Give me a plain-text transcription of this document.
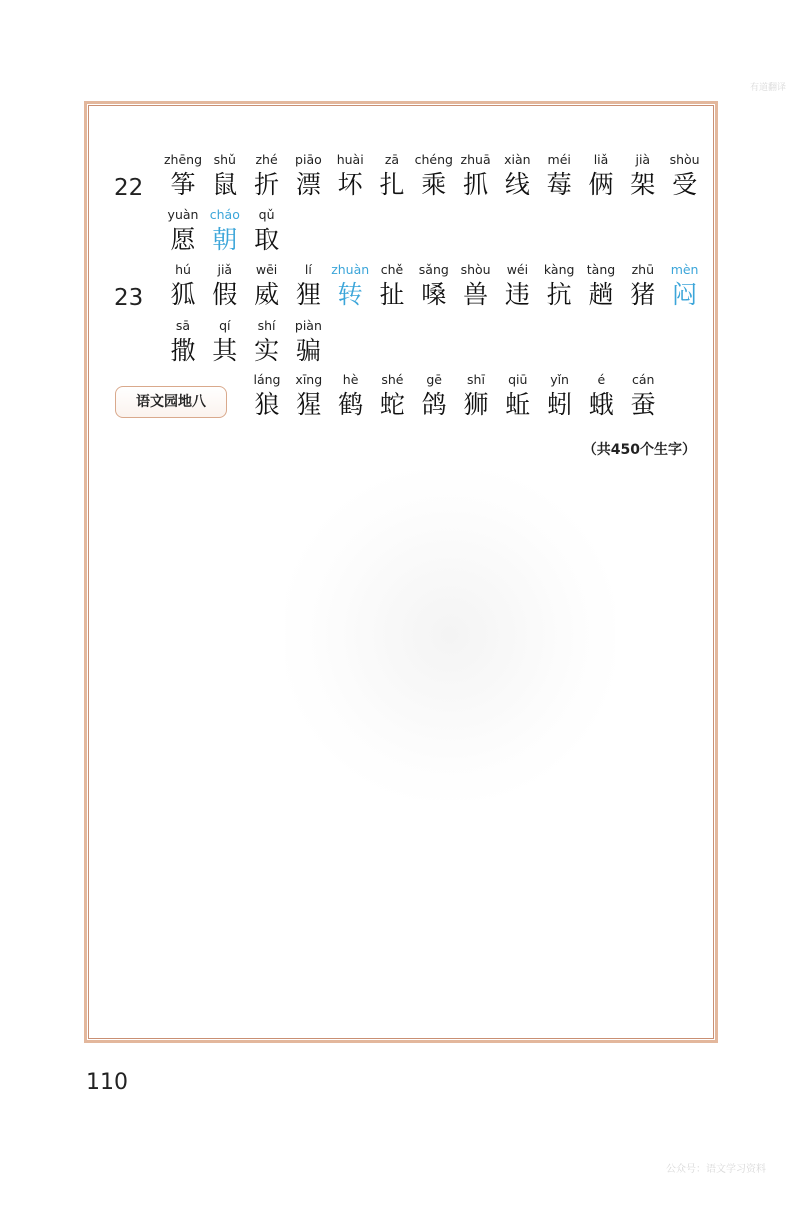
有道翻译
22
zhēng
筝
shǔ
鼠
zhé
折
piāo
漂
huài
坏
zā
扎
chéng
乘
zhuā
抓
xiàn
线
méi
莓
liǎ
俩
jià
架
shòu
受
yuàn
愿
cháo
朝
qǔ
取
23
hú
狐
jiǎ
假
wēi
威
lí
狸
zhuàn
转
chě
扯
sǎng
嗓
shòu
兽
wéi
违
kàng
抗
tàng
趟
zhū
猪
mèn
闷
sā
撒
qí
其
shí
实
piàn
骗
láng
狼
xīng
猩
hè
鹤
shé
蛇
gē
鸽
shī
狮
qiū
蚯
yǐn
蚓
é
蛾
cán
蚕
语文园地八
（共450个生字）
110
公众号：语文学习资料
